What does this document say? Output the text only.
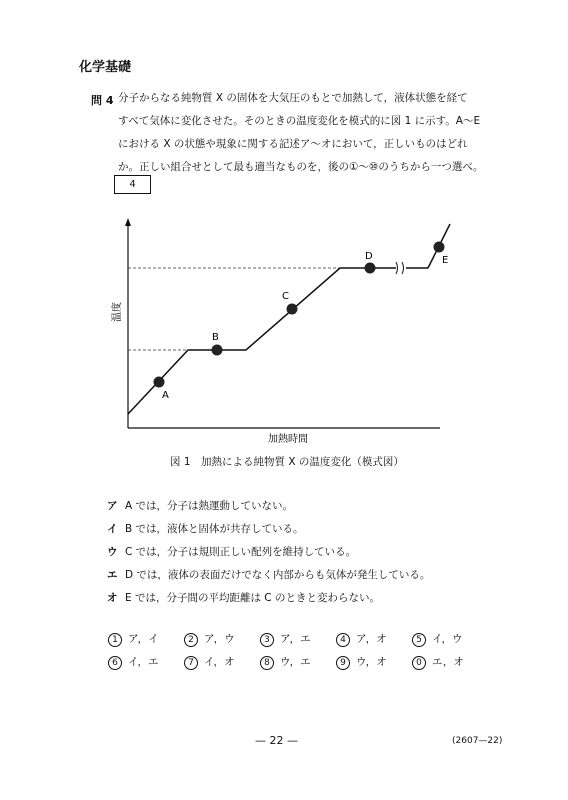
化学基礎
問 4 分子からなる純物質 X の固体を大気圧のもとで加熱して，液体状態を経て
すべて気体に変化させた。そのときの温度変化を模式的に図 1 に示す。A〜E
における X の状態や現象に関する記述ア〜オにおいて，正しいものはどれ
か。正しい組合せとして最も適当なものを，後の①〜⑩のうちから一つ選べ。
4
A
B
C
D	E
温度
加熱時間
図 1　加熱による純物質 X の温度変化（模式図）
ア A では，分子は熱運動していない。
イ B では，液体と固体が共存している。
ウ C では，分子は規則正しい配列を維持している。
エ D では，液体の表面だけでなく内部からも気体が発生している。
オ E では，分子間の平均距離は C のときと変わらない。
1 ア，イ	2 ア，ウ	3 ア，エ	4 ア，オ	5 イ，ウ
6 イ，エ	7 イ，オ	8 ウ，エ	9 ウ，オ	0 エ，オ
— 22 —	(2607—22)
